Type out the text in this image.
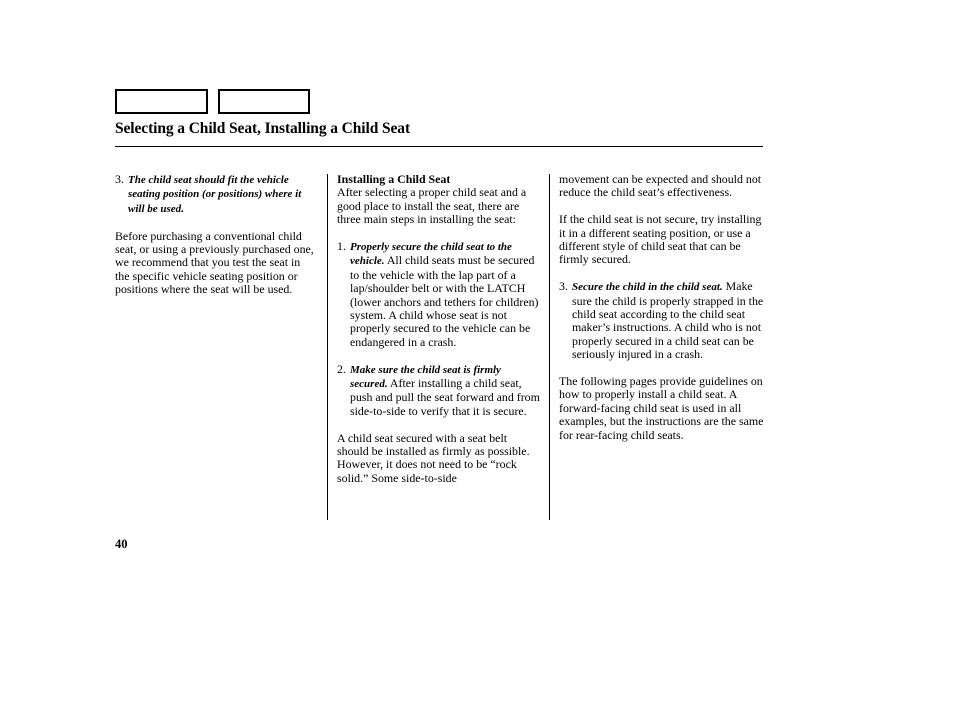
Selecting a Child Seat, Installing a Child Seat
3. The child seat should fit the vehicle seating position (or positions) where it will be used.

Before purchasing a conventional child seat, or using a previously purchased one, we recommend that you test the seat in the specific vehicle seating position or positions where the seat will be used.

Installing a Child Seat

After selecting a proper child seat and a good place to install the seat, there are three main steps in installing the seat:

1. Properly secure the child seat to the vehicle. All child seats must be secured to the vehicle with the lap part of a lap/shoulder belt or with the LATCH (lower anchors and tethers for children) system. A child whose seat is not properly secured to the vehicle can be endangered in a crash.
2. Make sure the child seat is firmly secured. After installing a child seat, push and pull the seat forward and from side-to-side to verify that it is secure.

A child seat secured with a seat belt should be installed as firmly as possible. However, it does not need to be “rock solid.” Some side-to-side

movement can be expected and should not reduce the child seat’s effectiveness.

If the child seat is not secure, try installing it in a different seating position, or use a different style of child seat that can be firmly secured.

3. Secure the child in the child seat. Make sure the child is properly strapped in the child seat according to the child seat maker’s instructions. A child who is not properly secured in a child seat can be seriously injured in a crash.

The following pages provide guidelines on how to properly install a child seat. A forward-facing child seat is used in all examples, but the instructions are the same for rear-facing child seats.

40
